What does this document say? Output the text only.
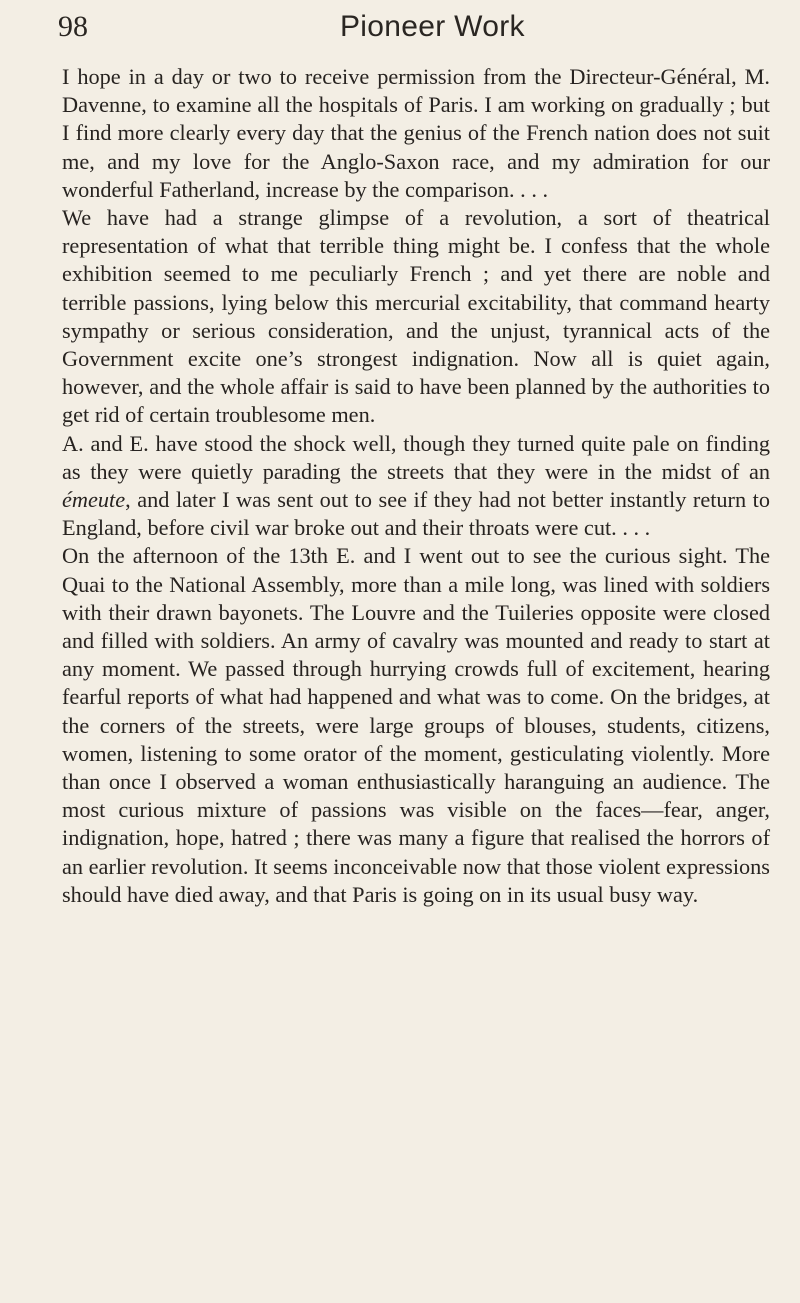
98	Pioneer Work

I hope in a day or two to receive permission from the Directeur-Général, M. Davenne, to examine all the hospitals of Paris. I am working on gradually ; but I find more clearly every day that the genius of the French nation does not suit me, and my love for the Anglo-Saxon race, and my admiration for our wonderful Fatherland, increase by the comparison. . . .

We have had a strange glimpse of a revolution, a sort of theatrical representation of what that terrible thing might be. I confess that the whole exhibition seemed to me peculiarly French ; and yet there are noble and terrible passions, lying below this mercurial excitability, that command hearty sympathy or serious consideration, and the unjust, tyrannical acts of the Government excite one’s strongest indignation. Now all is quiet again, however, and the whole affair is said to have been planned by the authorities to get rid of certain troublesome men.

A. and E. have stood the shock well, though they turned quite pale on finding as they were quietly parading the streets that they were in the midst of an émeute, and later I was sent out to see if they had not better instantly return to England, before civil war broke out and their throats were cut. . . .

On the afternoon of the 13th E. and I went out to see the curious sight. The Quai to the National Assembly, more than a mile long, was lined with soldiers with their drawn bayonets. The Louvre and the Tuileries opposite were closed and filled with soldiers. An army of cavalry was mounted and ready to start at any moment. We passed through hurrying crowds full of excitement, hearing fearful reports of what had happened and what was to come. On the bridges, at the corners of the streets, were large groups of blouses, students, citizens, women, listening to some orator of the moment, gesticulating violently. More than once I observed a woman enthusiastically haranguing an audience. The most curious mixture of passions was visible on the faces—fear, anger, indignation, hope, hatred ; there was many a figure that realised the horrors of an earlier revolution. It seems inconceivable now that those violent expressions should have died away, and that Paris is going on in its usual busy way.
